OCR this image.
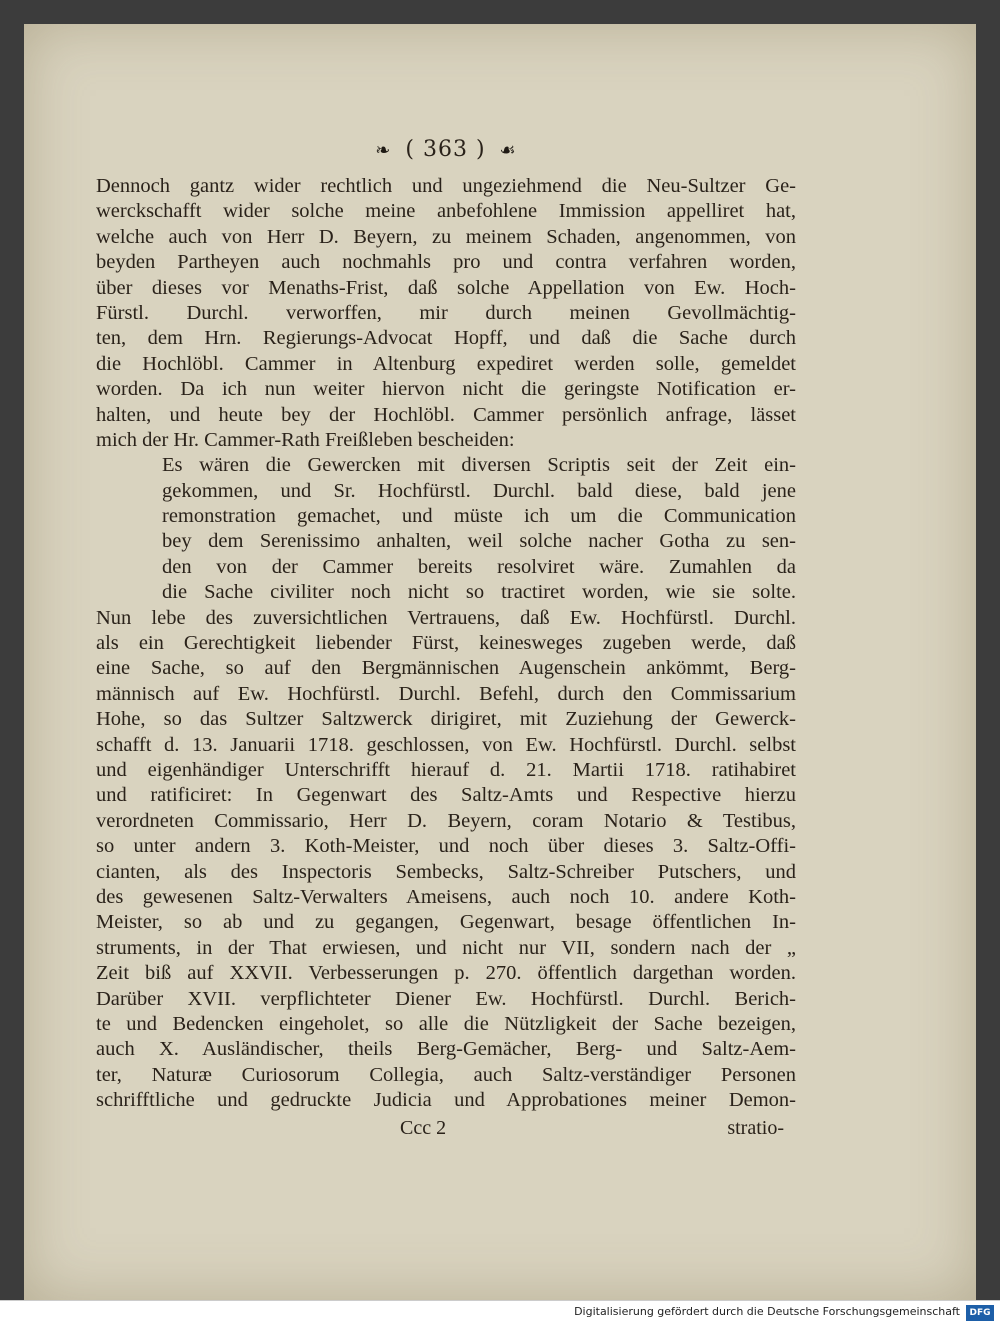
❧ ( 363 ) ☙
Dennoch gantz wider rechtlich und ungeziehmend die Neu-Sultzer Ge-
werckschafft wider solche meine anbefohlene Immission appelliret hat,
welche auch von Herr D. Beyern, zu meinem Schaden, angenommen, von
beyden Partheyen auch nochmahls pro und contra verfahren worden,
über dieses vor Menaths-Frist, daß solche Appellation von Ew. Hoch-
Fürstl. Durchl. verworffen, mir durch meinen Gevollmächtig-
ten, dem Hrn. Regierungs-Advocat Hopff, und daß die Sache durch
die Hochlöbl. Cammer in Altenburg expediret werden solle, gemeldet
worden. Da ich nun weiter hiervon nicht die geringste Notification er-
halten, und heute bey der Hochlöbl. Cammer persönlich anfrage, lässet
mich der Hr. Cammer-Rath Freißleben bescheiden:
Es wären die Gewercken mit diversen Scriptis seit der Zeit ein-
gekommen, und Sr. Hochfürstl. Durchl. bald diese, bald jene
remonstration gemachet, und müste ich um die Communication
bey dem Serenissimo anhalten, weil solche nacher Gotha zu sen-
den von der Cammer bereits resolviret wäre. Zumahlen da
die Sache civiliter noch nicht so tractiret worden, wie sie solte.
Nun lebe des zuversichtlichen Vertrauens, daß Ew. Hochfürstl. Durchl.
als ein Gerechtigkeit liebender Fürst, keinesweges zugeben werde, daß
eine Sache, so auf den Bergmännischen Augenschein ankömmt, Berg-
männisch auf Ew. Hochfürstl. Durchl. Befehl, durch den Commissarium
Hohe, so das Sultzer Saltzwerck dirigiret, mit Zuziehung der Gewerck-
schafft d. 13. Januarii 1718. geschlossen, von Ew. Hochfürstl. Durchl. selbst
und eigenhändiger Unterschrifft hierauf d. 21. Martii 1718. ratihabiret
und ratificiret: In Gegenwart des Saltz-Amts und Respective hierzu
verordneten Commissario, Herr D. Beyern, coram Notario & Testibus,
so unter andern 3. Koth-Meister, und noch über dieses 3. Saltz-Offi-
cianten, als des Inspectoris Sembecks, Saltz-Schreiber Putschers, und
des gewesenen Saltz-Verwalters Ameisens, auch noch 10. andere Koth-
Meister, so ab und zu gegangen, Gegenwart, besage öffentlichen In-
struments, in der That erwiesen, und nicht nur VII, sondern nach der „
Zeit biß auf XXVII. Verbesserungen p. 270. öffentlich dargethan worden.
Darüber XVII. verpflichteter Diener Ew. Hochfürstl. Durchl. Berich-
te und Bedencken eingeholet, so alle die Nützligkeit der Sache bezeigen,
auch X. Ausländischer, theils Berg-Gemächer, Berg- und Saltz-Aem-
ter, Naturæ Curiosorum Collegia, auch Saltz-verständiger Personen
schrifftliche und gedruckte Judicia und Approbationes meiner Demon-
Ccc 2	stratio-
Digitalisierung gefördert durch die Deutsche Forschungsgemeinschaft	DFG
